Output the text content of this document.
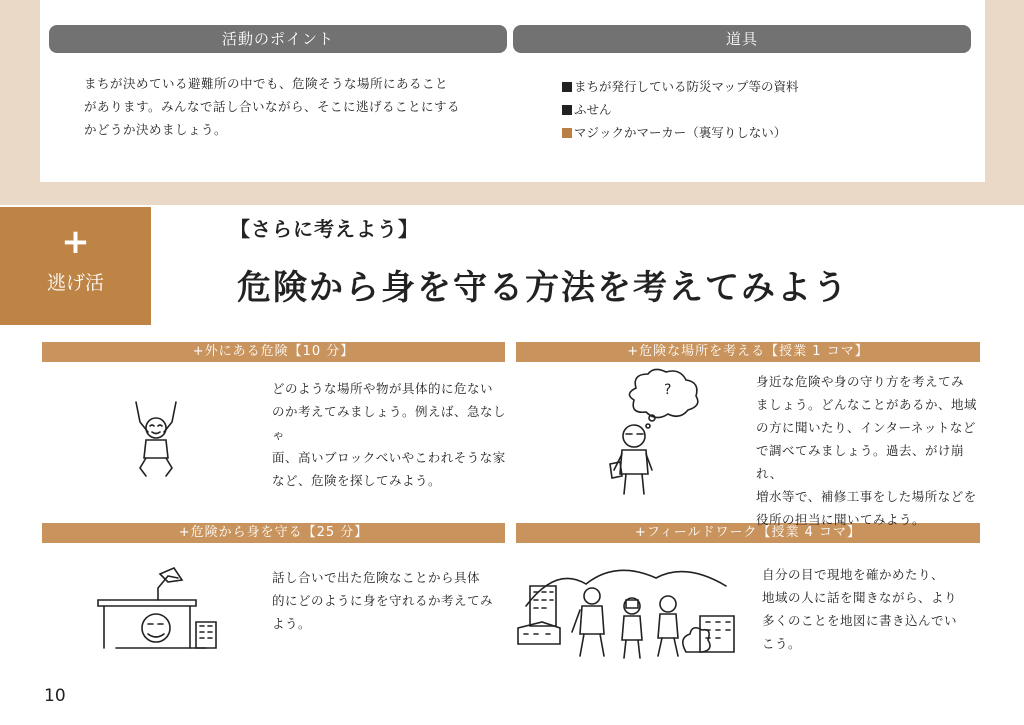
活動のポイント	道具
まちが決めている避難所の中でも、危険そうな場所にあること
があります。みんなで話し合いながら、そこに逃げることにする
かどうか決めましょう。
まちが発行している防災マップ等の資料
ふせん
マジックかマーカー（裏写りしない）
+
逃げ活
【さらに考えよう】
危険から身を守る方法を考えてみよう
+外にある危険【10 分】	+危険な場所を考える【授業 1 コマ】
+危険から身を守る【25 分】	+フィールドワーク【授業 4 コマ】
どのような場所や物が具体的に危ない
のか考えてみましょう。例えば、急なしゃ
面、高いブロックべいやこわれそうな家
など、危険を探してみよう。
身近な危険や身の守り方を考えてみ
ましょう。どんなことがあるか、地域
の方に聞いたり、インターネットなど
で調べてみましょう。過去、がけ崩れ、
増水等で、補修工事をした場所などを
役所の担当に聞いてみよう。
話し合いで出た危険なことから具体
的にどのように身を守れるか考えてみ
よう。
自分の目で現地を確かめたり、
地域の人に話を聞きながら、より
多くのことを地図に書き込んでい
こう。
?
10
